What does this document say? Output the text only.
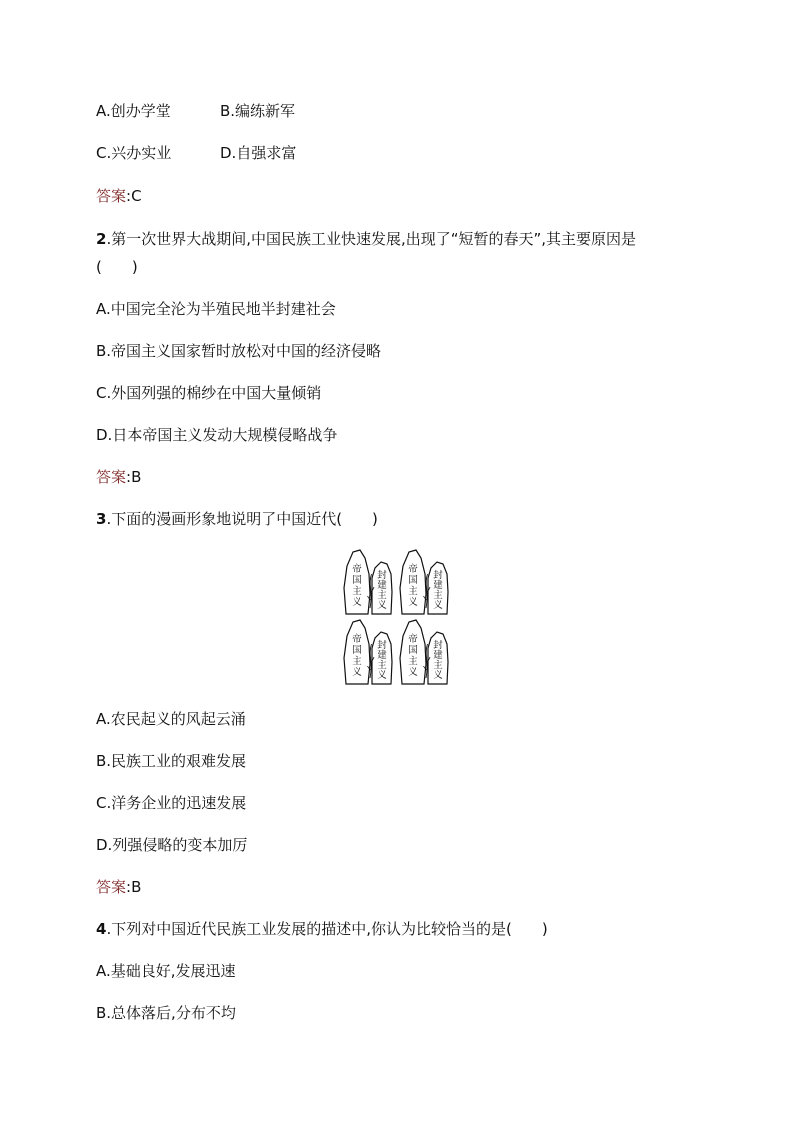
A.创办学堂	B.编练新军
C.兴办实业	D.自强求富
答案:C
2.第一次世界大战期间,中国民族工业快速发展,出现了“短暂的春天”,其主要原因是
(　　)
A.中国完全沦为半殖民地半封建社会
B.帝国主义国家暂时放松对中国的经济侵略
C.外国列强的棉纱在中国大量倾销
D.日本帝国主义发动大规模侵略战争
答案:B
3.下面的漫画形象地说明了中国近代(　　)
帝
国
主
义
封
建
主
义
帝
国
主
义
封
建
主
义
帝
国
主
义
封
建
主
义
帝
国
主
义
封
建
主
义
A.农民起义的风起云涌
B.民族工业的艰难发展
C.洋务企业的迅速发展
D.列强侵略的变本加厉
答案:B
4.下列对中国近代民族工业发展的描述中,你认为比较恰当的是(　　)
A.基础良好,发展迅速
B.总体落后,分布不均
